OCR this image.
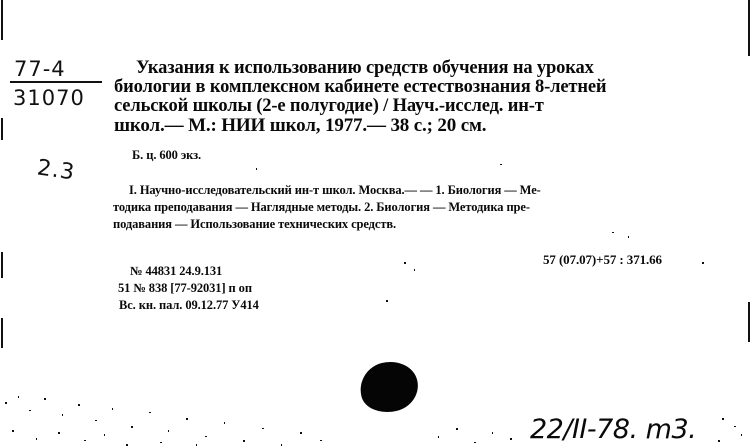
77-4
31070
2.3
Указания к использованию средств обучения на уроках
биологии в комплексном кабинете естествознания 8-летней
сельской школы (2-е полугодие) / Науч.-исслед. ин-т
школ.— М.: НИИ школ, 1977.— 38 с.; 20 см.
Б. ц. 600 экз.
I. Научно-исследовательский ин-т школ. Москва.— — 1. Биология — Ме-
тодика преподавания — Наглядные методы. 2. Биология — Методика пре-
подавания — Использование технических средств.
57 (07.07)+57 : 371.66
№ 44831 24.9.131
51 № 838 [77-92031] п оп
Вс. кн. пал. 09.12.77 У414
22/II-78. m3.
